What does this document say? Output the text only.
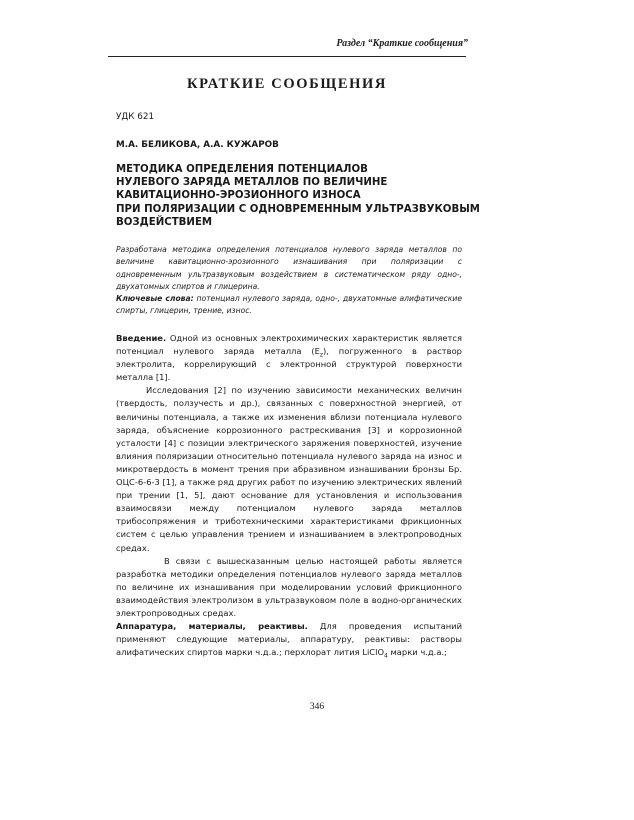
Раздел “Краткие сообщения”
КРАТКИЕ СООБЩЕНИЯ
УДК 621
М.А. БЕЛИКОВА, А.А. КУЖАРОВ
МЕТОДИКА ОПРЕДЕЛЕНИЯ ПОТЕНЦИАЛОВ
НУЛЕВОГО ЗАРЯДА МЕТАЛЛОВ ПО ВЕЛИЧИНЕ
КАВИТАЦИОННО-ЭРОЗИОННОГО ИЗНОСА
ПРИ ПОЛЯРИЗАЦИИ С ОДНОВРЕМЕННЫМ УЛЬТРАЗВУКОВЫМ
ВОЗДЕЙСТВИЕМ
Разработана методика определения потенциалов нулевого заряда металлов по величине кавитационно-эрозионного изнашивания при поляризации с одновременным ультразвуковым воздействием в систематическом ряду одно-, двухатомных спиртов и глицерина.
Ключевые слова: потенциал нулевого заряда, одно-, двухатомные алифатические спирты, глицерин, трение, износ.

Введение. Одной из основных электрохимических характеристик является потенциал нулевого заряда металла $(E_z)$, погруженного в раствор электролита, коррелирующий с электронной структурой поверхности металла [1].

Исследования [2] по изучению зависимости механических величин (твердость, ползучесть и др.), связанных с поверхностной энергией, от величины потенциала, а также их изменения вблизи потенциала нулевого заряда, объяснение коррозионного растрескивания [3] и коррозионной усталости [4] с позиции электрического заряжения поверхностей, изучение влияния поляризации относительно потенциала нулевого заряда на износ и микротвердость в момент трения при абразивном изнашивании бронзы Бр. ОЦС-6-6-3 [1], а также ряд других работ по изучению электрических явлений при трении [1, 5], дают основание для установления и использования взаимосвязи между потенциалом нулевого заряда металлов трибосопряжения и триботехническими характеристиками фрикционных систем с целью управления трением и изнашиванием в электропроводных средах.

В связи с вышесказанным целью настоящей работы является разработка методики определения потенциалов нулевого заряда металлов по величине их изнашивания при моделировании условий фрикционного взаимодействия электролизом в ультразвуковом поле в водно-органических электропроводных средах.

Аппаратура, материалы, реактивы. Для проведения испытаний применяют следующие материалы, аппаратуру, реактивы: растворы алифатических спиртов марки ч.д.а.; перхлорат лития LiClO$_4$ марки ч.д.а.;

346
